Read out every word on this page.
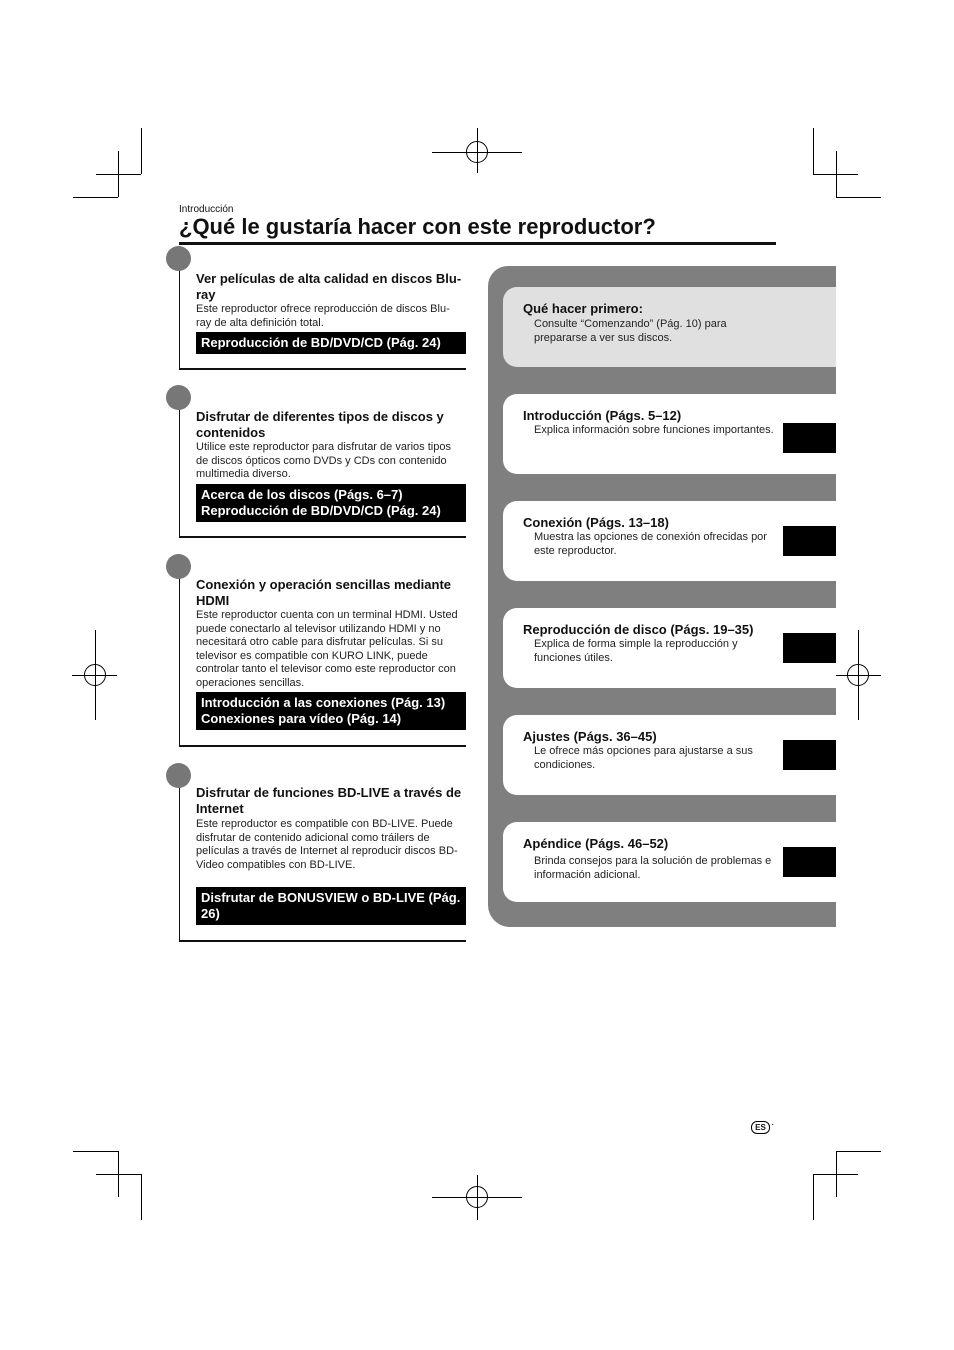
Introducción
¿Qué le gustaría hacer con este reproductor?
Ver películas de alta calidad en discos Blu-ray
Este reproductor ofrece reproducción de discos Blu-ray de alta definición total.
Reproducción de BD/DVD/CD (Pág. 24)
Disfrutar de diferentes tipos de discos y contenidos
Utilice este reproductor para disfrutar de varios tipos de discos ópticos como DVDs y CDs con contenido multimedia diverso.
Acerca de los discos (Págs. 6–7)
Reproducción de BD/DVD/CD (Pág. 24)
Conexión y operación sencillas mediante HDMI
Este reproductor cuenta con un terminal HDMI. Usted puede conectarlo al televisor utilizando HDMI y no necesitará otro cable para disfrutar películas. Si su televisor es compatible con KURO LINK, puede controlar tanto el televisor como este reproductor con operaciones sencillas.
Introducción a las conexiones (Pág. 13)
Conexiones para vídeo (Pág. 14)
Disfrutar de funciones BD-LIVE a través de Internet
Este reproductor es compatible con BD-LIVE. Puede disfrutar de contenido adicional como tráilers de películas a través de Internet al reproducir discos BD-Video compatibles con BD-LIVE.
Disfrutar de BONUSVIEW o BD-LIVE (Pág. 26)
Qué hacer primero:
Consulte “Comenzando” (Pág. 10) para prepararse a ver sus discos.
Introducción (Págs. 5–12)
Explica información sobre funciones importantes.
Conexión (Págs. 13–18)
Muestra las opciones de conexión ofrecidas por este reproductor.
Reproducción de disco (Págs. 19–35)
Explica de forma simple la reproducción y funciones útiles.
Ajustes (Págs. 36–45)
Le ofrece más opciones para ajustarse a sus condiciones.
Apéndice (Págs. 46–52)
Brinda consejos para la solución de problemas e información adicional.
ES ·
